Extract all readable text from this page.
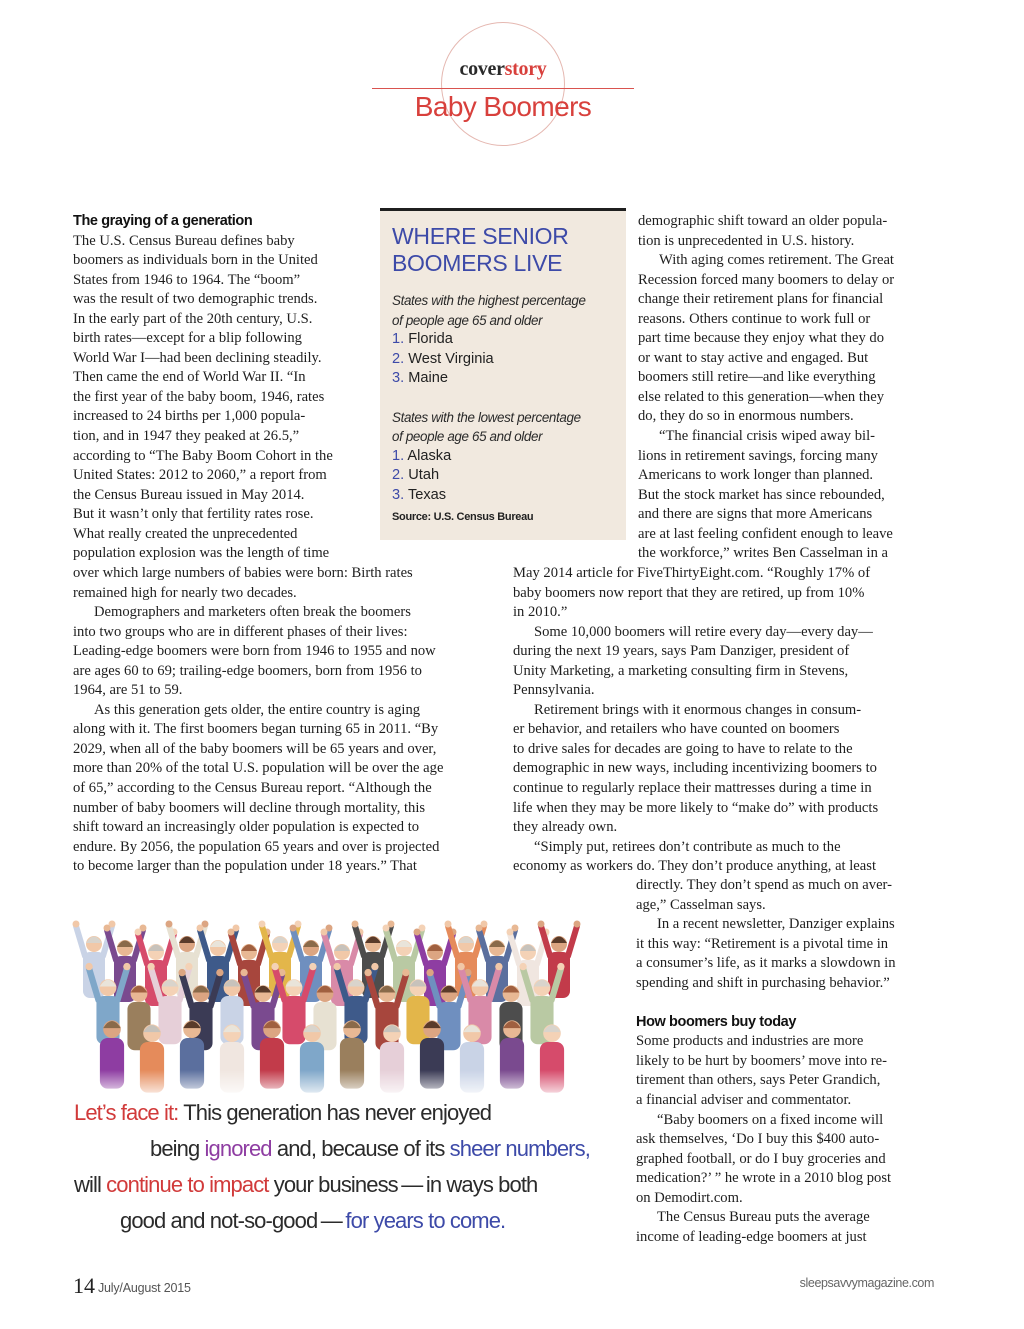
coverstory
Baby Boomers
The graying of a generation

The U.S. Census Bureau defines baby
boomers as individuals born in the United
States from 1946 to 1964. The “boom”
was the result of two demographic trends.
In the early part of the 20th century, U.S.
birth rates—except for a blip following
World War I—had been declining steadily.
Then came the end of World War II. “In
the first year of the baby boom, 1946, rates
increased to 24 births per 1,000 popula-
tion, and in 1947 they peaked at 26.5,”
according to “The Baby Boom Cohort in the
United States: 2012 to 2060,” a report from
the Census Bureau issued in May 2014.
But it wasn’t only that fertility rates rose.
What really created the unprecedented
population explosion was the length of time

over which large numbers of babies were born: Birth rates
remained high for nearly two decades.

Demographers and marketers often break the boomers
into two groups who are in different phases of their lives:
Leading-edge boomers were born from 1946 to 1955 and now
are ages 60 to 69; trailing-edge boomers, born from 1956 to
1964, are 51 to 59.

As this generation gets older, the entire country is aging
along with it. The first boomers began turning 65 in 2011. “By
2029, when all of the baby boomers will be 65 years and over,
more than 20% of the total U.S. population will be over the age
of 65,” according to the Census Bureau report. “Although the
number of baby boomers will decline through mortality, this
shift toward an increasingly older population is expected to
endure. By 2056, the population 65 years and over is projected
to become larger than the population under 18 years.” That

WHERE SENIOR
BOOMERS LIVE
States with the highest percentage
of people age 65 and older
1. Florida
2. West Virginia
3. Maine
States with the lowest percentage
of people age 65 and older
1. Alaska
2. Utah
3. Texas
Source: U.S. Census Bureau

demographic shift toward an older popula-
tion is unprecedented in U.S. history.

With aging comes retirement. The Great
Recession forced many boomers to delay or
change their retirement plans for financial
reasons. Others continue to work full or
part time because they enjoy what they do
or want to stay active and engaged. But
boomers still retire—and like everything
else related to this generation—when they
do, they do so in enormous numbers.

“The financial crisis wiped away bil-
lions in retirement savings, forcing many
Americans to work longer than planned.
But the stock market has since rebounded,
and there are signs that more Americans
are at last feeling confident enough to leave
the workforce,” writes Ben Casselman in a

May 2014 article for FiveThirtyEight.com. “Roughly 17% of
baby boomers now report that they are retired, up from 10%
in 2010.”

Some 10,000 boomers will retire every day—every day—
during the next 19 years, says Pam Danziger, president of
Unity Marketing, a marketing consulting firm in Stevens,
Pennsylvania.

Retirement brings with it enormous changes in consum-
er behavior, and retailers who have counted on boomers
to drive sales for decades are going to have to relate to the
demographic in new ways, including incentivizing boomers to
continue to regularly replace their mattresses during a time in
life when they may be more likely to “make do” with products
they already own.

“Simply put, retirees don’t contribute as much to the
economy as workers do. They don’t produce anything, at least

directly. They don’t spend as much on aver-
age,” Casselman says.

In a recent newsletter, Danziger explains
it this way: “Retirement is a pivotal time in
a consumer’s life, as it marks a slowdown in
spending and shift in purchasing behavior.”

How boomers buy today

Some products and industries are more
likely to be hurt by boomers’ move into re-
tirement than others, says Peter Grandich,
a financial adviser and commentator.

“Baby boomers on a fixed income will
ask themselves, ‘Do I buy this $400 auto-
graphed football, or do I buy groceries and
medication?’ ” he wrote in a 2010 blog post
on Demodirt.com.

The Census Bureau puts the average
income of leading-edge boomers at just

Let’s face it: This generation has never enjoyed
being ignored and, because of its sheer numbers,
will continue to impact your business — in ways both
good and not-so-good — for years to come.
14 July/August 2015	sleepsavvymagazine.com
